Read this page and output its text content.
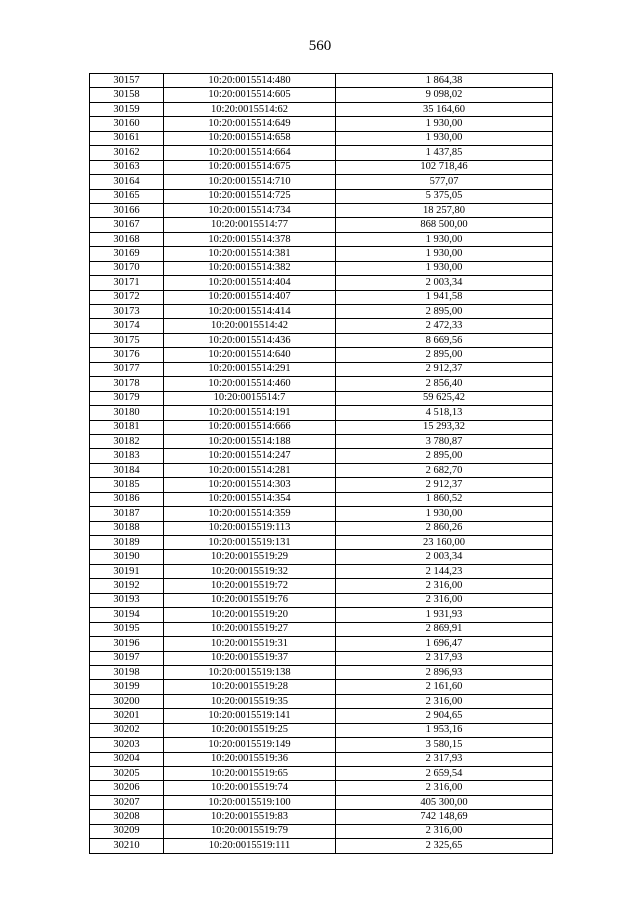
560
30157	10:20:0015514:480	1 864,38
30158	10:20:0015514:605	9 098,02
30159	10:20:0015514:62	35 164,60
30160	10:20:0015514:649	1 930,00
30161	10:20:0015514:658	1 930,00
30162	10:20:0015514:664	1 437,85
30163	10:20:0015514:675	102 718,46
30164	10:20:0015514:710	577,07
30165	10:20:0015514:725	5 375,05
30166	10:20:0015514:734	18 257,80
30167	10:20:0015514:77	868 500,00
30168	10:20:0015514:378	1 930,00
30169	10:20:0015514:381	1 930,00
30170	10:20:0015514:382	1 930,00
30171	10:20:0015514:404	2 003,34
30172	10:20:0015514:407	1 941,58
30173	10:20:0015514:414	2 895,00
30174	10:20:0015514:42	2 472,33
30175	10:20:0015514:436	8 669,56
30176	10:20:0015514:640	2 895,00
30177	10:20:0015514:291	2 912,37
30178	10:20:0015514:460	2 856,40
30179	10:20:0015514:7	59 625,42
30180	10:20:0015514:191	4 518,13
30181	10:20:0015514:666	15 293,32
30182	10:20:0015514:188	3 780,87
30183	10:20:0015514:247	2 895,00
30184	10:20:0015514:281	2 682,70
30185	10:20:0015514:303	2 912,37
30186	10:20:0015514:354	1 860,52
30187	10:20:0015514:359	1 930,00
30188	10:20:0015519:113	2 860,26
30189	10:20:0015519:131	23 160,00
30190	10:20:0015519:29	2 003,34
30191	10:20:0015519:32	2 144,23
30192	10:20:0015519:72	2 316,00
30193	10:20:0015519:76	2 316,00
30194	10:20:0015519:20	1 931,93
30195	10:20:0015519:27	2 869,91
30196	10:20:0015519:31	1 696,47
30197	10:20:0015519:37	2 317,93
30198	10:20:0015519:138	2 896,93
30199	10:20:0015519:28	2 161,60
30200	10:20:0015519:35	2 316,00
30201	10:20:0015519:141	2 904,65
30202	10:20:0015519:25	1 953,16
30203	10:20:0015519:149	3 580,15
30204	10:20:0015519:36	2 317,93
30205	10:20:0015519:65	2 659,54
30206	10:20:0015519:74	2 316,00
30207	10:20:0015519:100	405 300,00
30208	10:20:0015519:83	742 148,69
30209	10:20:0015519:79	2 316,00
30210	10:20:0015519:111	2 325,65
